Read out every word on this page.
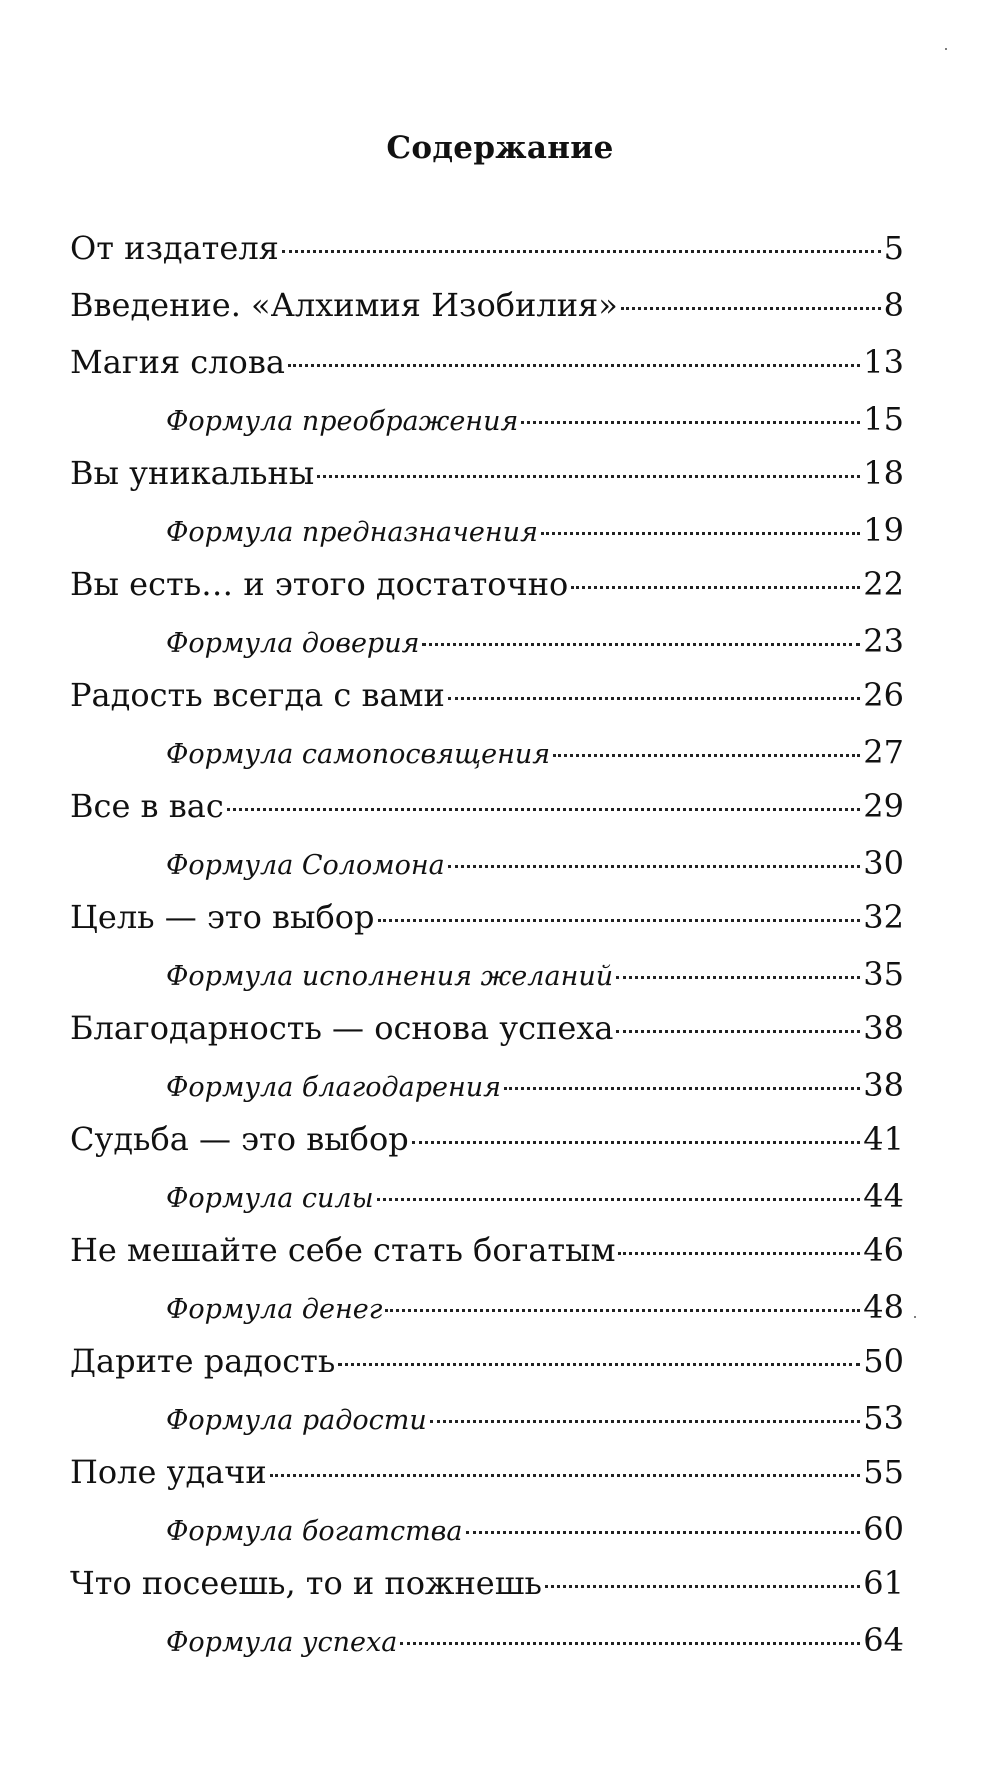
Содержание
От издателя	5
Введение. «Алхимия Изобилия»	8
Магия слова	13
Формула преображения	15
Вы уникальны	18
Формула предназначения	19
Вы есть… и этого достаточно	22
Формула доверия	23
Радость всегда с вами	26
Формула самопосвящения	27
Все в вас	29
Формула Соломона	30
Цель — это выбор	32
Формула исполнения желаний	35
Благодарность — основа успеха	38
Формула благодарения	38
Судьба — это выбор	41
Формула силы	44
Не мешайте себе стать богатым	46
Формула денег	48
Дарите радость	50
Формула радости	53
Поле удачи	55
Формула богатства	60
Что посеешь, то и пожнешь	61
Формула успеха	64
